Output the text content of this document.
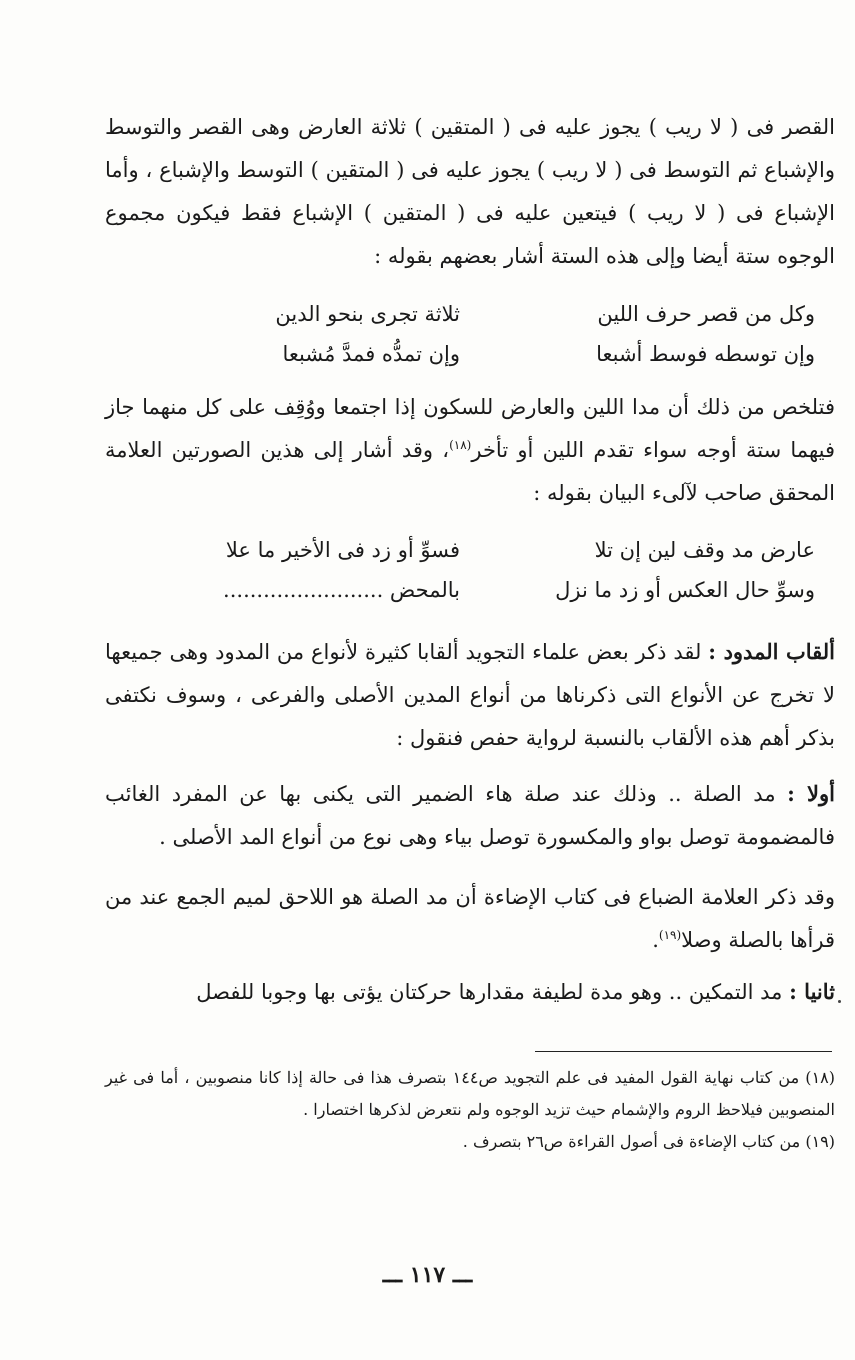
القصر فى ( لا ريب ) يجوز عليه فى ( المتقين ) ثلاثة العارض وهى القصر والتوسط والإشباع ثم التوسط فى ( لا ريب ) يجوز عليه فى ( المتقين ) التوسط والإشباع ، وأما الإشباع فى ( لا ريب ) فيتعين عليه فى ( المتقين ) الإشباع فقط فيكون مجموع الوجوه ستة أيضا وإلى هذه الستة أشار بعضهم بقوله :

وكل من قصر حرف اللين
ثلاثة تجرى بنحو الدين
وإن توسطه فوسط أشبعا
وإن تمدُّه فمدَّ مُشبعا

فتلخص من ذلك أن مدا اللين والعارض للسكون إذا اجتمعا ووُقِف على كل منهما جاز فيهما ستة أوجه سواء تقدم اللين أو تأخر$^{(١٨)}$، وقد أشار إلى هذين الصورتين العلامة المحقق صاحب لآلىء البيان بقوله :

عارض مد وقف لين إن تلا
فسوِّ أو زد فى الأخير ما علا
وسوِّ حال العكس أو زد ما نزل
بالمحض ........................

ألقاب المدود : لقد ذكر بعض علماء التجويد ألقابا كثيرة لأنواع من المدود وهى جميعها لا تخرج عن الأنواع التى ذكرناها من أنواع المدين الأصلى والفرعى ، وسوف نكتفى بذكر أهم هذه الألقاب بالنسبة لرواية حفص فنقول :

أولا : مد الصلة .. وذلك عند صلة هاء الضمير التى يكنى بها عن المفرد الغائب فالمضمومة توصل بواو والمكسورة توصل بياء وهى نوع من أنواع المد الأصلى .

وقد ذكر العلامة الضباع فى كتاب الإضاءة أن مد الصلة هو اللاحق لميم الجمع عند من قرأها بالصلة وصلا$^{(١٩)}$.

ثانيا : مد التمكين .. وهو مدة لطيفة مقدارها حركتان يؤتى بها وجوبا للفصل

(١٨) من كتاب نهاية القول المفيد فى علم التجويد ص١٤٤ بتصرف هذا فى حالة إذا كانا منصوبين ، أما فى غير المنصوبين فيلاحظ الروم والإشمام حيث تزيد الوجوه ولم نتعرض لذكرها اختصارا .

(١٩) من كتاب الإضاءة فى أصول القراءة ص٢٦ بتصرف .

ـــ ١١٧ ـــ
